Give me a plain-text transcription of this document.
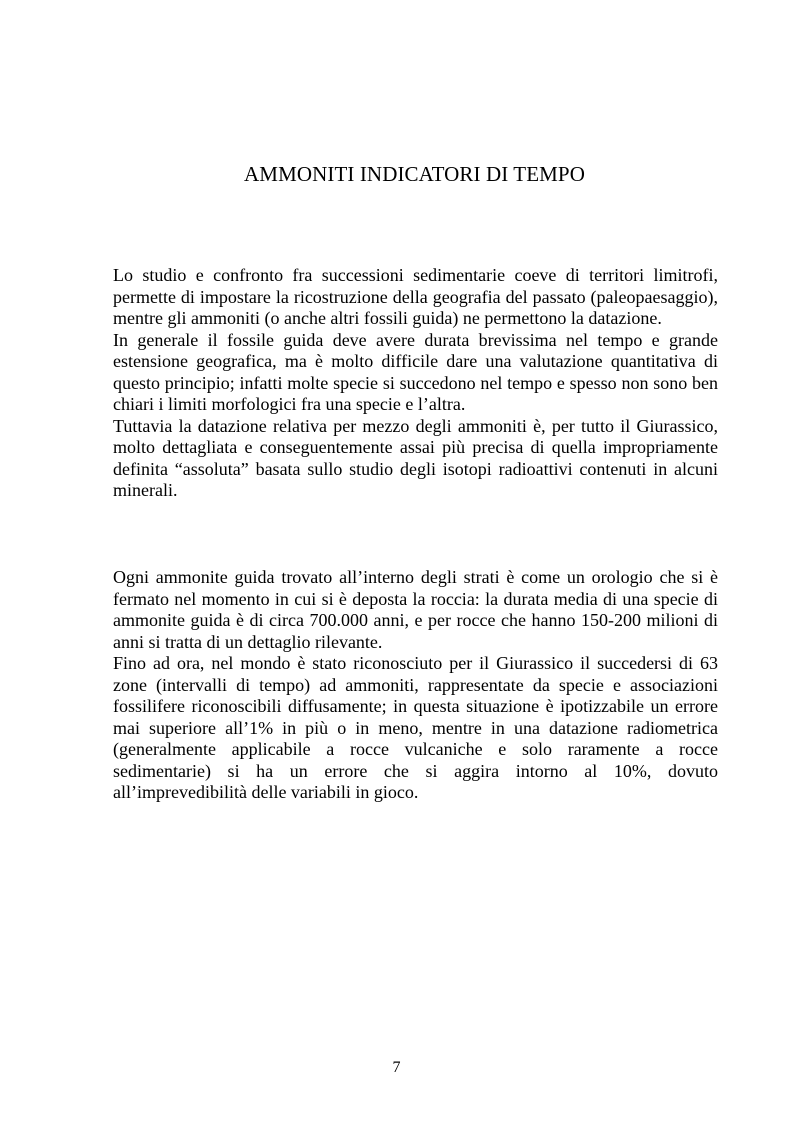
AMMONITI INDICATORI DI TEMPO

Lo studio e confronto fra successioni sedimentarie coeve di territori limitrofi, permette di impostare la ricostruzione della geografia del passato (paleopaesaggio), mentre gli ammoniti (o anche altri fossili guida) ne permettono la datazione.

In generale il fossile guida deve avere durata brevissima nel tempo e grande estensione geografica, ma è molto difficile dare una valutazione quantitativa di questo principio; infatti molte specie si succedono nel tempo e spesso non sono ben chiari i limiti morfologici fra una specie e l’altra.

Tuttavia la datazione relativa per mezzo degli ammoniti è, per tutto il Giurassico, molto dettagliata e conseguentemente assai più precisa di quella impropriamente definita “assoluta” basata sullo studio degli isotopi radioattivi contenuti in alcuni minerali.

Ogni ammonite guida trovato all’interno degli strati è come un orologio che si è fermato nel momento in cui si è deposta la roccia: la durata media di una specie di ammonite guida è di circa 700.000 anni, e per rocce che hanno 150-200 milioni di anni si tratta di un dettaglio rilevante.

Fino ad ora, nel mondo è stato riconosciuto per il Giurassico il succedersi di 63 zone (intervalli di tempo) ad ammoniti, rappresentate da specie e associazioni fossilifere riconoscibili diffusamente; in questa situazione è ipotizzabile un errore mai superiore all’1% in più o in meno, mentre in una datazione radiometrica (generalmente applicabile a rocce vulcaniche e solo raramente a rocce sedimentarie) si ha un errore che si aggira intorno al 10%, dovuto all’imprevedibilità delle variabili in gioco.

7
